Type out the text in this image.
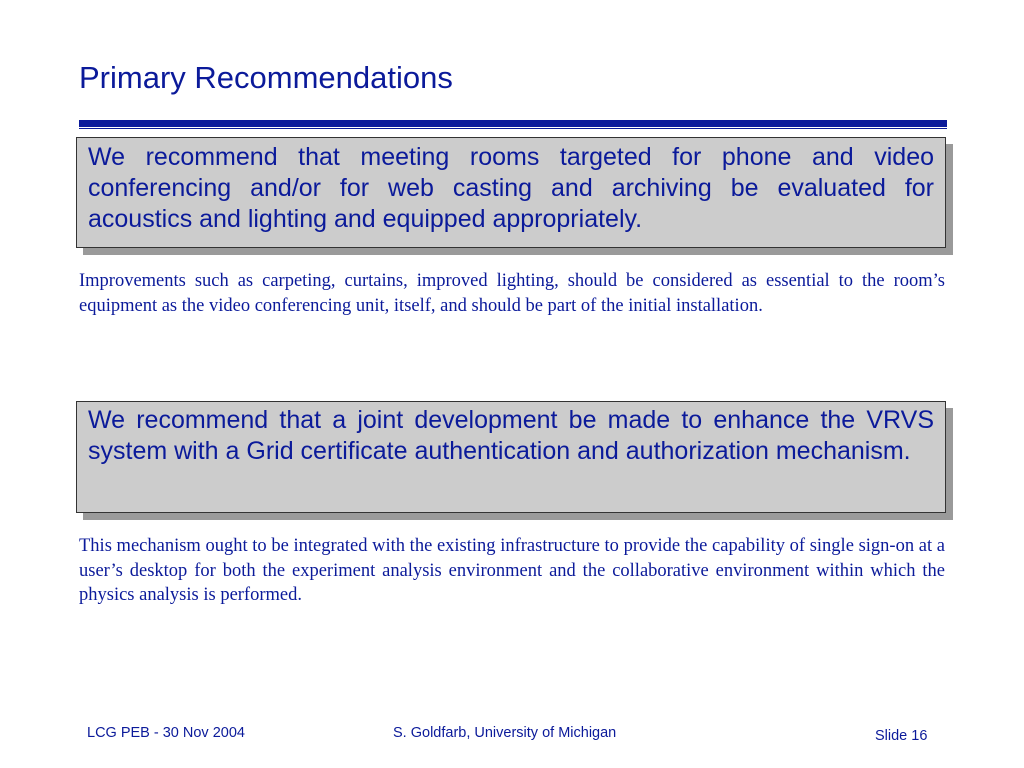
Primary Recommendations

We recommend that meeting rooms targeted for phone and video conferencing and/or for web casting and archiving be evaluated for acoustics and lighting and equipped appropriately.

Improvements such as carpeting, curtains, improved lighting, should be considered as essential to the room’s equipment as the video conferencing unit, itself, and should be part of the initial installation.

We recommend that a joint development be made to enhance the VRVS system with a Grid certificate authentication and authorization mechanism.

This mechanism ought to be integrated with the existing infrastructure to provide the capability of single sign-on at a user’s desktop for both the experiment analysis environment and the collaborative environment within which the physics analysis is performed.

LCG PEB - 30 Nov 2004	S. Goldfarb, University of Michigan	Slide 16
